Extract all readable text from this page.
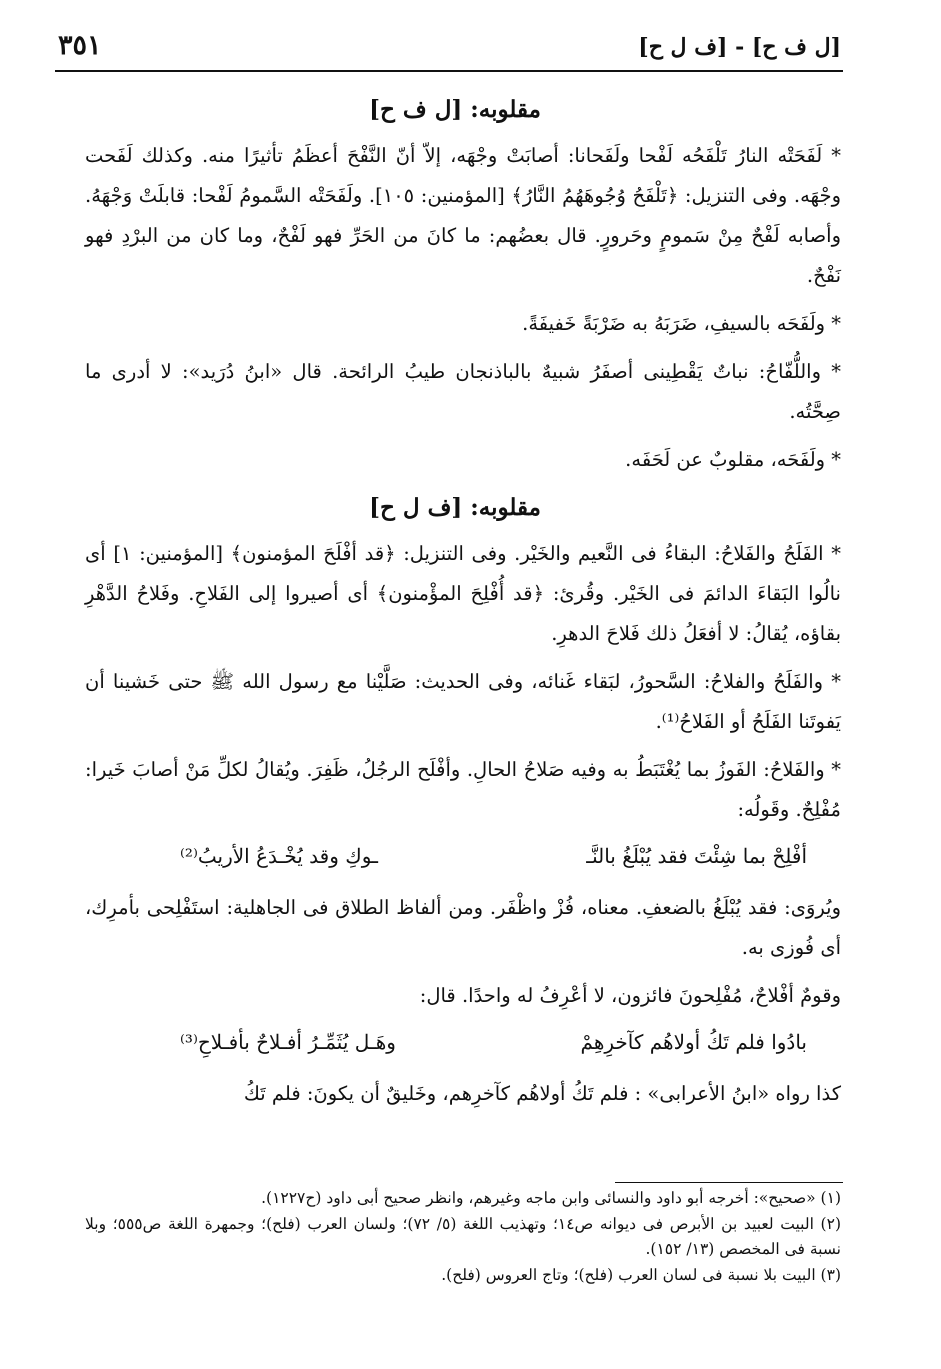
٣٥١	[ل ف ح] - [ف ل ح]
مقلوبه: [ل ف ح]

* لَفَحَتْه النارُ تَلْفَحُه لَفْحا ولَفَحانا: أصابَتْ وجْهَه، إلاّ أنّ النَّفْحَ أعظَمُ تأثيرًا منه. وكذلك لَفَحت وجْهَه. وفى التنزيل: ﴿تَلْفَحُ وُجُوهَهُمُ النَّارُ﴾ [المؤمنين: ١٠٥]. ولَفَحَتْه السَّمومُ لَفْحا: قابلَتْ وَجْهَهُ. وأصابه لَفْحٌ مِنْ سَمومٍ وحَرورٍ. قال بعضُهم: ما كانَ من الحَرِّ فهو لَفْحٌ، وما كان من البرْدِ فهو نَفْحٌ.

* ولَفَحَه بالسيفِ، ضَرَبَهُ به ضَرْبَةً خَفيفَةً.

* واللُّفّاحُ: نباتٌ يَقْطِينى أصفَرُ شبيهٌ بالباذنجان طيبُ الرائحة. قال «ابنُ دُرَيد»: لا أدرى ما صِحَّتُه.

* ولَفَحَه، مقلوبٌ عن لَحَفَه.

مقلوبه: [ف ل ح]

* الفَلَحُ والفَلاحُ: البقاءُ فى النَّعيم والخَيْر. وفى التنزيل: ﴿قد أفْلَحَ المؤمنون﴾ [المؤمنين: ١] أى نالُوا البَقاءَ الدائمَ فى الخَيْر. وقُرئ: ﴿قد أُفْلِحَ المؤْمنون﴾ أى أصيروا إلى الفَلاحِ. وفَلاحُ الدَّهْرِ بقاؤه، يُقالُ: لا أفعَلُ ذلك فَلاحَ الدهرِ.

* والفَلَحُ والفلاحُ: السَّحورُ، لبَقاء غَنائه، وفى الحديث: صَلَّيْنا مع رسول الله ﷺ حتى خَشينا أن يَفوتَنا الفَلَحُ أو الفَلاحُ⁽¹⁾.

* والفَلاحُ: الفَوزُ بما يُغْتَبَطُ به وفيه صَلاحُ الحالِ. وأفْلَح الرجُلُ، ظَفِرَ. ويُقالُ لكلِّ مَنْ أصابَ خَيرا: مُفْلِحٌ. وقَولُه:

أفْلِحْ بما شِئْتَ فقد يُبْلَغُ بالنَّـ
ـوكِ وقد يُخْـدَعُ الأريبُ⁽²⁾

ويُروَى: فقد يُبْلَغُ بالضعفِ. معناه، فُزْ واظْفَر. ومن ألفاظ الطلاق فى الجاهلية: استَفْلِحى بأمرِك، أى فُوزى به.

وقومٌ أفْلاحٌ، مُفْلِحونَ فائزون، لا أعْرِفُ له واحدًا. قال:

بادُوا فلم تَكُ أولاهُم كآخرِهِمْ
وهَـل يُثَمِّـرُ أفـلاحٌ بأفـلاحِ⁽³⁾

كذا رواه «ابنُ الأعرابى» : فلم تَكُ أولاهُم كآخرِهم، وخَليقٌ أن يكونَ: فلم تَكُ

(١) «صحيح»: أخرجه أبو داود والنسائى وابن ماجه وغيرهم، وانظر صحيح أبى داود (ح١٢٢٧).

(٢) البيت لعبيد بن الأبرص فى ديوانه ص١٤؛ وتهذيب اللغة (٥/ ٧٢)؛ ولسان العرب (فلح)؛ وجمهرة اللغة ص٥٥٥؛ وبلا نسبة فى المخصص (١٣/ ١٥٢).

(٣) البيت بلا نسبة فى لسان العرب (فلح)؛ وتاج العروس (فلح).
